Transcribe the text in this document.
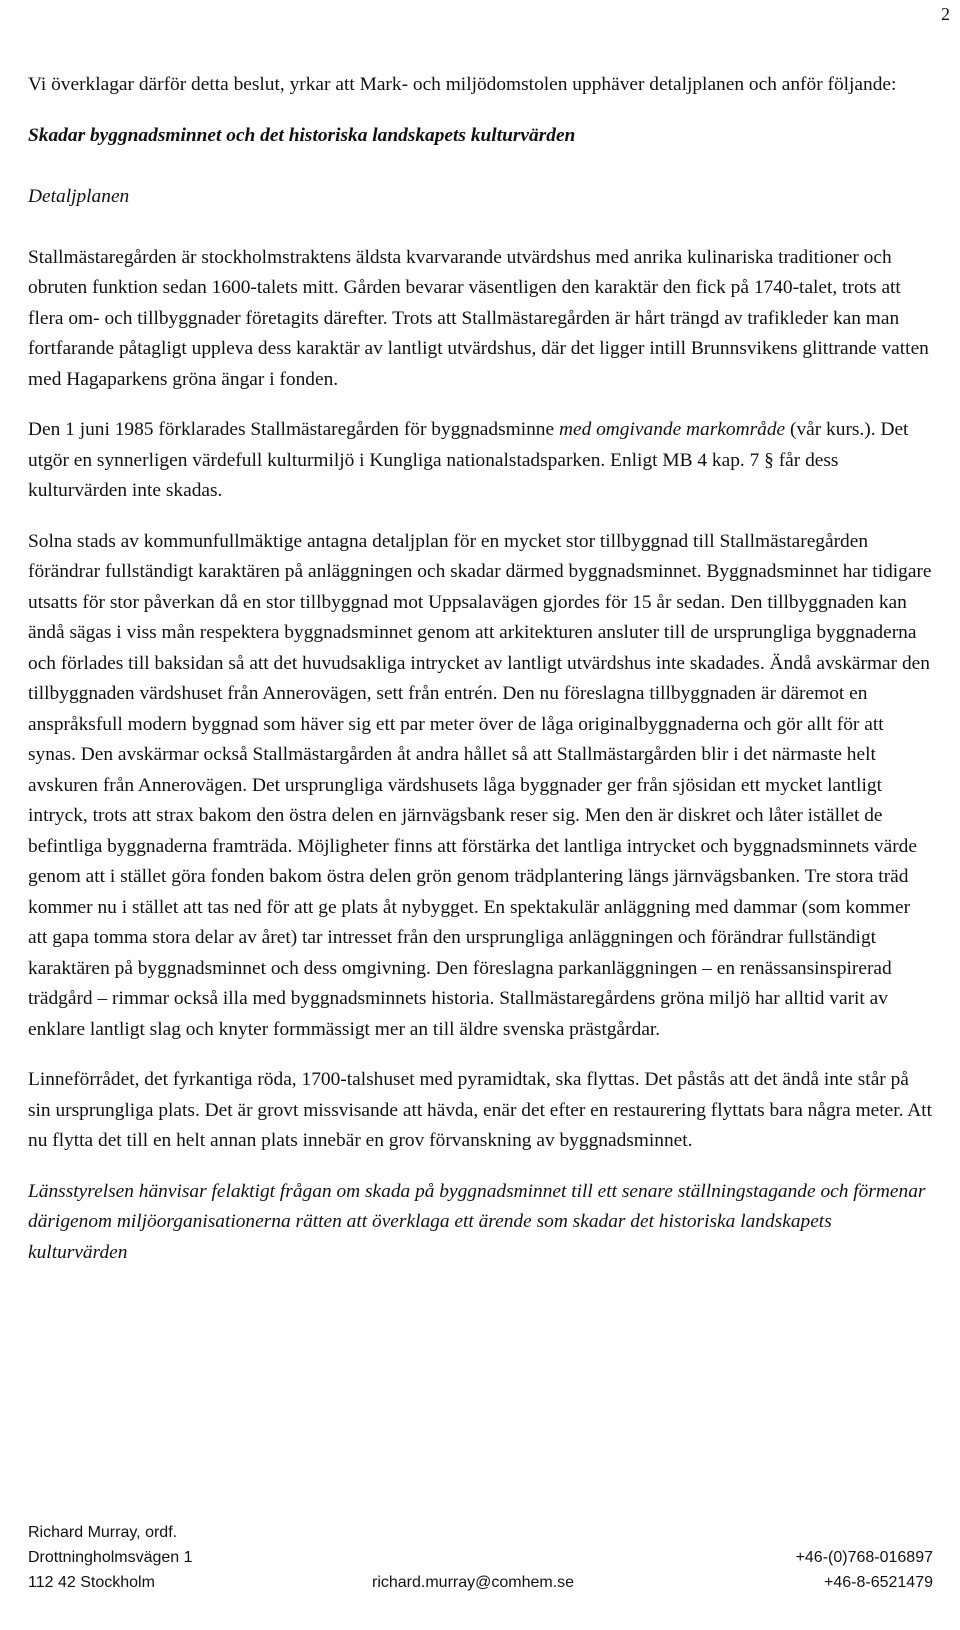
2

Vi överklagar därför detta beslut, yrkar att Mark- och miljödomstolen upphäver detaljplanen och anför följande:

Skadar byggnadsminnet och det historiska landskapets kulturvärden

Detaljplanen

Stallmästaregården är stockholmstraktens äldsta kvarvarande utvärdshus med anrika kulinariska traditioner och obruten funktion sedan 1600-talets mitt. Gården bevarar väsentligen den karaktär den fick på 1740-talet, trots att flera om- och tillbyggnader företagits därefter. Trots att Stallmästaregården är hårt trängd av trafikleder kan man fortfarande påtagligt uppleva dess karaktär av lantligt utvärdshus, där det ligger intill Brunnsvikens glittrande vatten med Hagaparkens gröna ängar i fonden.

Den 1 juni 1985 förklarades Stallmästaregården för byggnadsminne med omgivande markområde (vår kurs.). Det utgör en synnerligen värdefull kulturmiljö i Kungliga nationalstadsparken. Enligt MB 4 kap. 7 § får dess kulturvärden inte skadas.

Solna stads av kommunfullmäktige antagna detaljplan för en mycket stor tillbyggnad till Stallmästaregården förändrar fullständigt karaktären på anläggningen och skadar därmed byggnadsminnet. Byggnadsminnet har tidigare utsatts för stor påverkan då en stor tillbyggnad mot Uppsalavägen gjordes för 15 år sedan. Den tillbyggnaden kan ändå sägas i viss mån respektera byggnadsminnet genom att arkitekturen ansluter till de ursprungliga byggnaderna och förlades till baksidan så att det huvudsakliga intrycket av lantligt utvärdshus inte skadades. Ändå avskärmar den tillbyggnaden värdshuset från Annerovägen, sett från entrén. Den nu föreslagna tillbyggnaden är däremot en anspråksfull modern byggnad som häver sig ett par meter över de låga originalbyggnaderna och gör allt för att synas. Den avskärmar också Stallmästargården åt andra hållet så att Stallmästargården blir i det närmaste helt avskuren från Annerovägen. Det ursprungliga värdshusets låga byggnader ger från sjösidan ett mycket lantligt intryck, trots att strax bakom den östra delen en järnvägsbank reser sig. Men den är diskret och låter istället de befintliga byggnaderna framträda. Möjligheter finns att förstärka det lantliga intrycket och byggnadsminnets värde genom att i stället göra fonden bakom östra delen grön genom trädplantering längs järnvägsbanken. Tre stora träd kommer nu i stället att tas ned för att ge plats åt nybygget. En spektakulär anläggning med dammar (som kommer att gapa tomma stora delar av året) tar intresset från den ursprungliga anläggningen och förändrar fullständigt karaktären på byggnadsminnet och dess omgivning. Den föreslagna parkanläggningen – en renässansinspirerad trädgård – rimmar också illa med byggnadsminnets historia. Stallmästaregårdens gröna miljö har alltid varit av enklare lantligt slag och knyter formmässigt mer an till äldre svenska prästgårdar.

Linneförrådet, det fyrkantiga röda, 1700-talshuset med pyramidtak, ska flyttas. Det påstås att det ändå inte står på sin ursprungliga plats. Det är grovt missvisande att hävda, enär det efter en restaurering flyttats bara några meter. Att nu flytta det till en helt annan plats innebär en grov förvanskning av byggnadsminnet.

Länsstyrelsen hänvisar felaktigt frågan om skada på byggnadsminnet till ett senare ställningstagande och förmenar därigenom miljöorganisationerna rätten att överklaga ett ärende som skadar det historiska landskapets kulturvärden

Richard Murray, ordf.
Drottningholmsvägen 1	+46-(0)768-016897
112 42 Stockholm	richard.murray@comhem.se	+46-8-6521479
